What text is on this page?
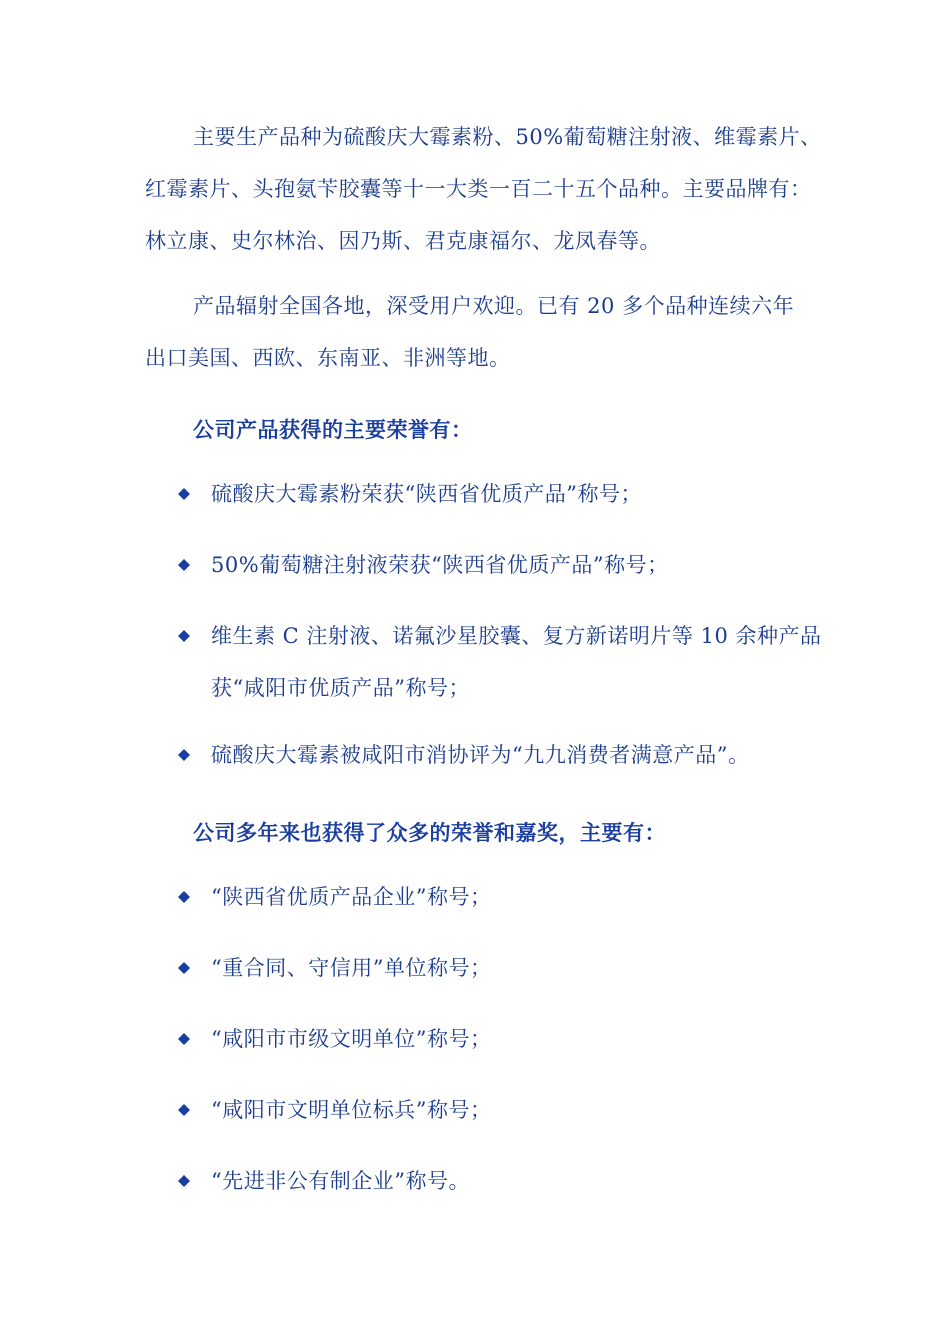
主要生产品种为硫酸庆大霉素粉、50%葡萄糖注射液、维霉素片、
红霉素片、头孢氨苄胶囊等十一大类一百二十五个品种。主要品牌有：
林立康、史尔林治、因乃斯、君克康福尔、龙凤春等。
产品辐射全国各地，深受用户欢迎。已有 20 多个品种连续六年
出口美国、西欧、东南亚、非洲等地。
公司产品获得的主要荣誉有：
硫酸庆大霉素粉荣获“陕西省优质产品”称号；
50%葡萄糖注射液荣获“陕西省优质产品”称号；
维生素 C 注射液、诺氟沙星胶囊、复方新诺明片等 10 余种产品
获“咸阳市优质产品”称号；
硫酸庆大霉素被咸阳市消协评为“九九消费者满意产品”。
公司多年来也获得了众多的荣誉和嘉奖，主要有：
“陕西省优质产品企业”称号；
“重合同、守信用”单位称号；
“咸阳市市级文明单位”称号；
“咸阳市文明单位标兵”称号；
“先进非公有制企业”称号。
